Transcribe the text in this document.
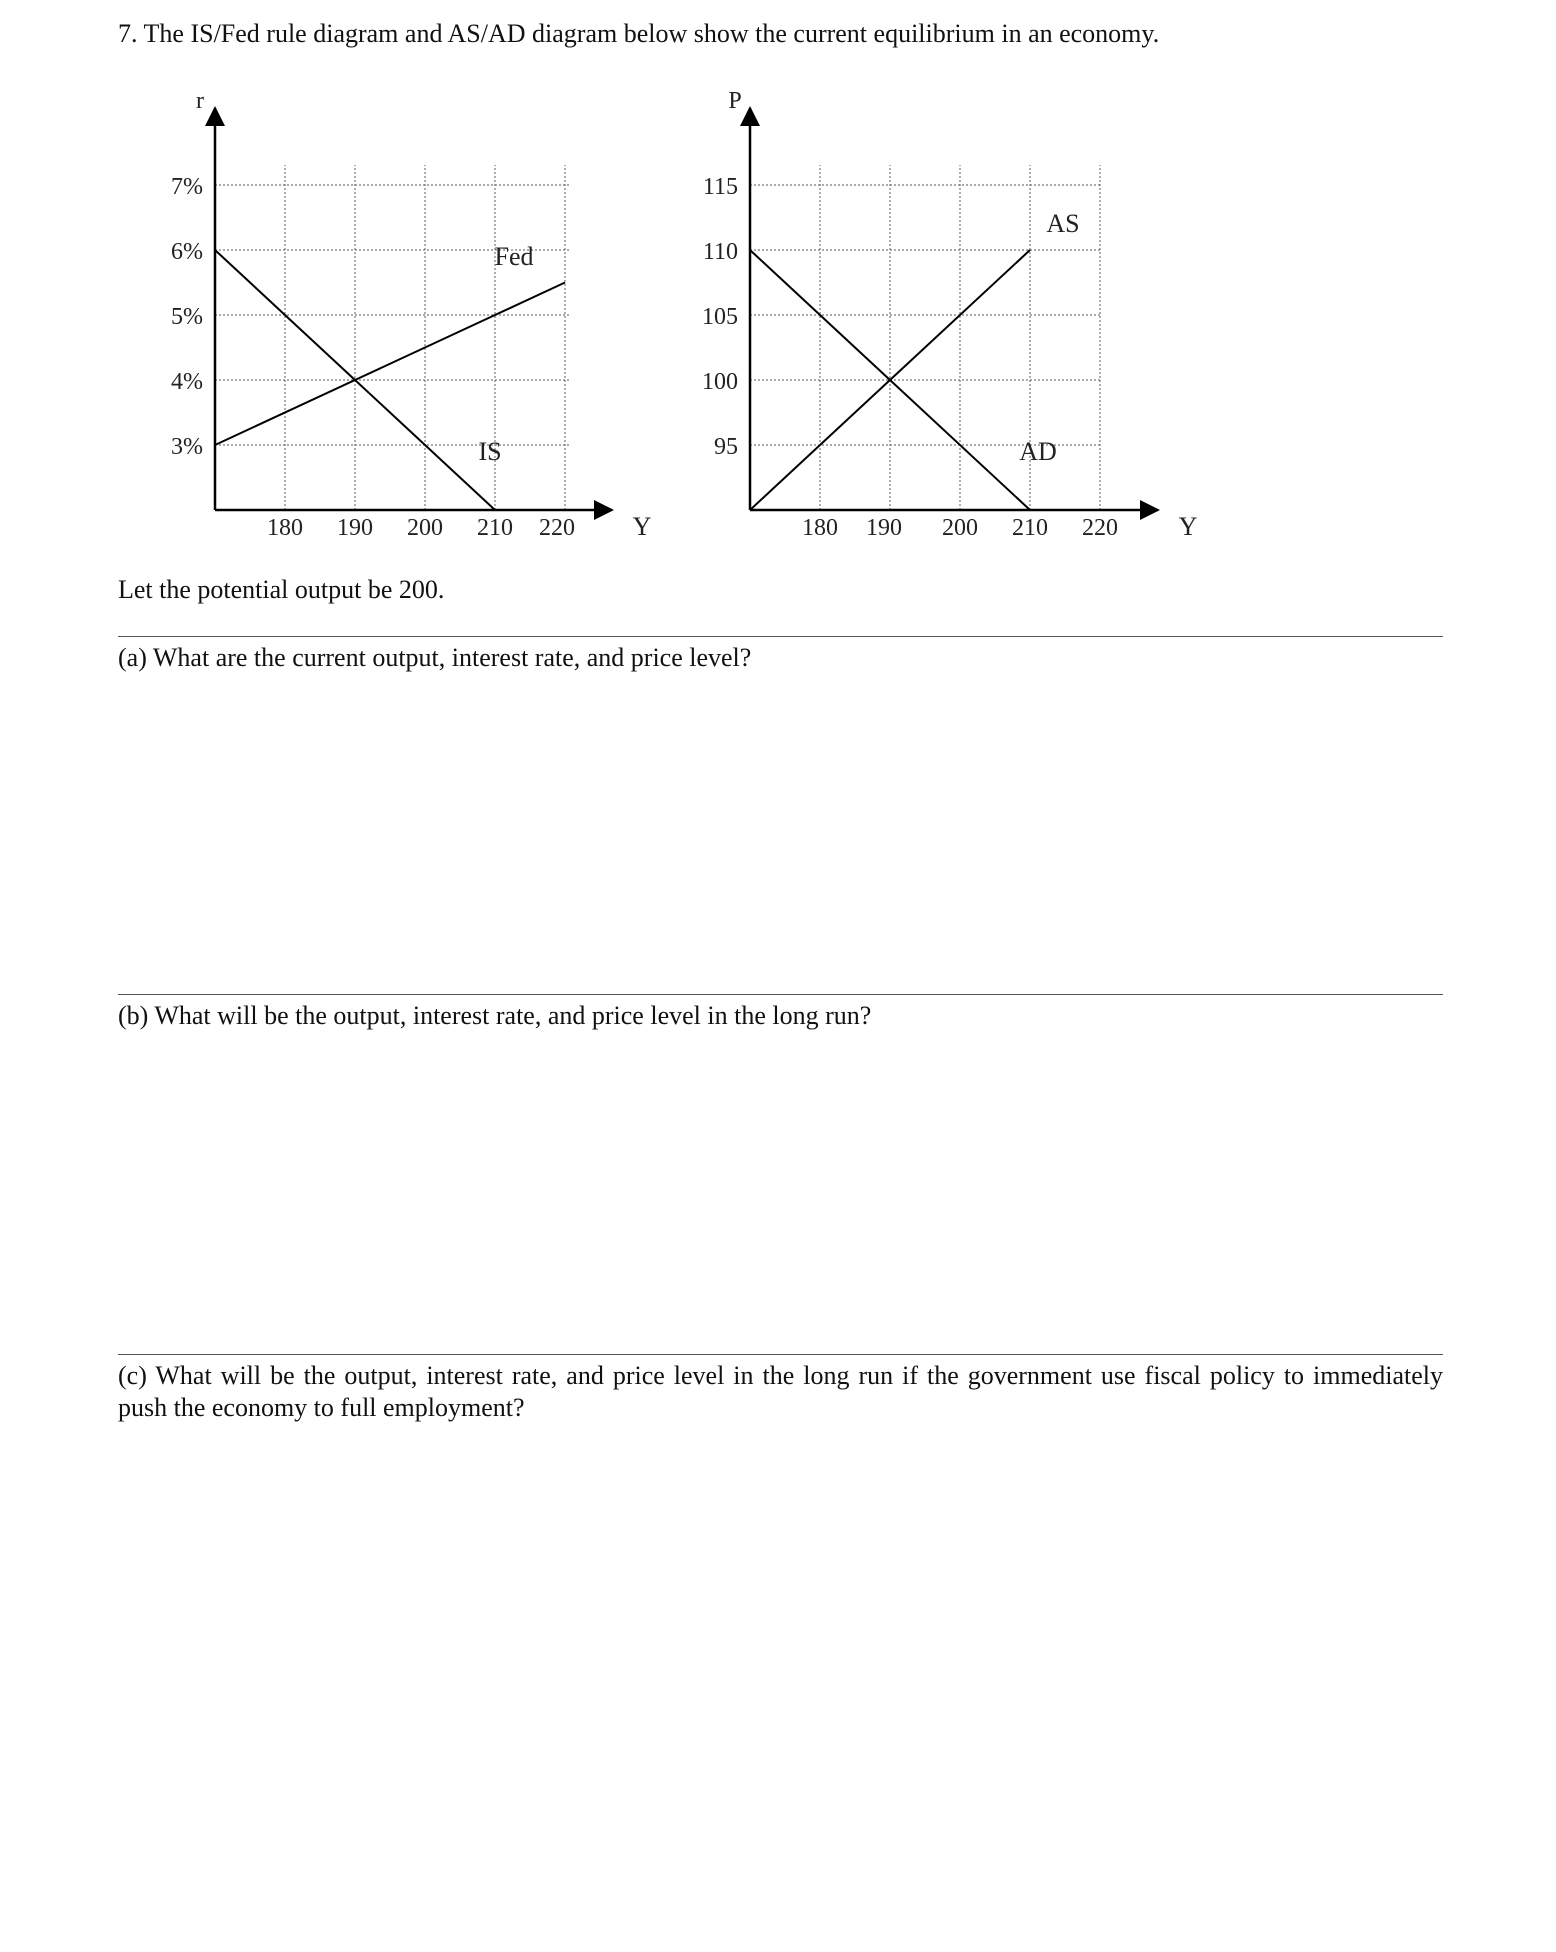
7. The IS/Fed rule diagram and AS/AD diagram below show the current equilibrium in an economy.

r
Y
3%
4%
5%
6%
7%
180 190 200 210 220
Fed
IS
P
Y
95
100
105
110
115
180 190 200 210 220
AS
AD

Let the potential output be 200.

(a) What are the current output, interest rate, and price level?

(b) What will be the output, interest rate, and price level in the long run?

(c) What will be the output, interest rate, and price level in the long run if the government use fiscal policy to immediately push the economy to full employment?
